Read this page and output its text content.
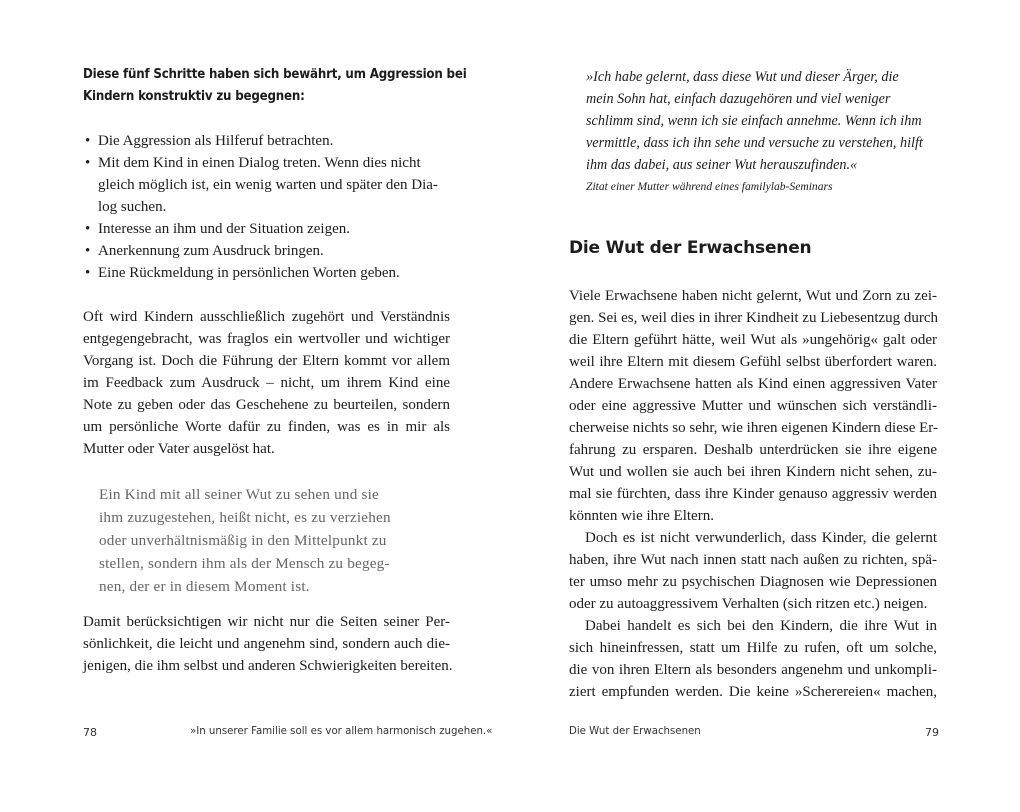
Diese fünf Schritte haben sich bewährt, um Aggression bei
Kindern konstruktiv zu begegnen:
• Die Aggression als Hilferuf betrachten.
• Mit dem Kind in einen Dialog treten. Wenn dies nicht
gleich möglich ist, ein wenig warten und später den Dia-
log suchen.
• Interesse an ihm und der Situation zeigen.
• Anerkennung zum Ausdruck bringen.
• Eine Rückmeldung in persönlichen Worten geben.
Oft wird Kindern ausschließlich zugehört und Verständnis
entgegengebracht, was fraglos ein wertvoller und wichtiger
Vorgang ist. Doch die Führung der Eltern kommt vor allem
im Feedback zum Ausdruck – nicht, um ihrem Kind eine
Note zu geben oder das Geschehene zu beurteilen, sondern
um persönliche Worte dafür zu finden, was es in mir als
Mutter oder Vater ausgelöst hat.
Ein Kind mit all seiner Wut zu sehen und sie
ihm zuzugestehen, heißt nicht, es zu verziehen
oder unverhältnismäßig in den Mittelpunkt zu
stellen, sondern ihm als der Mensch zu begeg-
nen, der er in diesem Moment ist.
Damit berücksichtigen wir nicht nur die Seiten seiner Per-
sönlichkeit, die leicht und angenehm sind, sondern auch die-
jenigen, die ihm selbst und anderen Schwierigkeiten bereiten.
78	»In unserer Familie soll es vor allem harmonisch zugehen.«
»Ich habe gelernt, dass diese Wut und dieser Ärger, die
mein Sohn hat, einfach dazugehören und viel weniger
schlimm sind, wenn ich sie einfach annehme. Wenn ich ihm
vermittle, dass ich ihn sehe und versuche zu verstehen, hilft
ihm das dabei, aus seiner Wut herauszufinden.«
Zitat einer Mutter während eines familylab-Seminars
Die Wut der Erwachsenen
Viele Erwachsene haben nicht gelernt, Wut und Zorn zu zei-
gen. Sei es, weil dies in ihrer Kindheit zu Liebesentzug durch
die Eltern geführt hätte, weil Wut als »ungehörig« galt oder
weil ihre Eltern mit diesem Gefühl selbst überfordert waren.
Andere Erwachsene hatten als Kind einen aggressiven Vater
oder eine aggressive Mutter und wünschen sich verständli-
cherweise nichts so sehr, wie ihren eigenen Kindern diese Er-
fahrung zu ersparen. Deshalb unterdrücken sie ihre eigene
Wut und wollen sie auch bei ihren Kindern nicht sehen, zu-
mal sie fürchten, dass ihre Kinder genauso aggressiv werden
könnten wie ihre Eltern.
Doch es ist nicht verwunderlich, dass Kinder, die gelernt
haben, ihre Wut nach innen statt nach außen zu richten, spä-
ter umso mehr zu psychischen Diagnosen wie Depressionen
oder zu autoaggressivem Verhalten (sich ritzen etc.) neigen.
Dabei handelt es sich bei den Kindern, die ihre Wut in
sich hineinfressen, statt um Hilfe zu rufen, oft um solche,
die von ihren Eltern als besonders angenehm und unkompli-
ziert empfunden werden. Die keine »Scherereien« machen,
Die Wut der Erwachsenen	79
